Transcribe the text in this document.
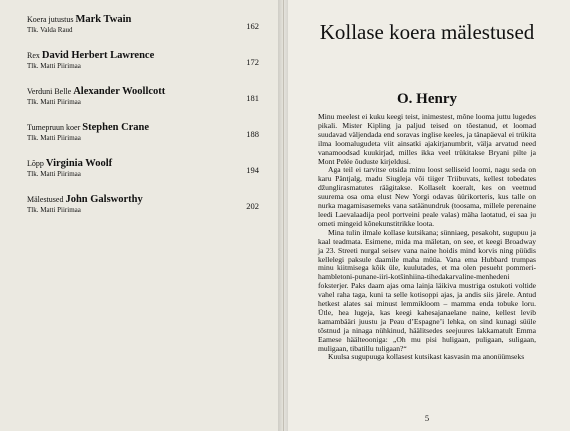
Koera jutustus Mark Twain
Tlk. Valda Raud	162
Rex David Herbert Lawrence
Tlk. Matti Piirimaa	172
Verduni Belle Alexander Woollcott
Tlk. Matti Piirimaa	181
Tumepruun koer Stephen Crane
Tlk. Matti Piirimaa	188
Lõpp Virginia Woolf
Tlk. Matti Piirimaa	194
Mälestused John Galsworthy
Tlk. Matti Piirimaa	202
Kollase koera mälestused
O. Henry

Minu meelest ei kuku keegi teist, inimestest, mõne looma juttu lugedes pikali. Mister Kipling ja paljud teised on tõestanud, et loomad suudavad väljendada end soravas inglise keeles, ja tänapäeval ei trükita ilma loomalugudeta viit ainsatki ajakirjanumbrit, välja arvatud need vanamoodsad kuukirjad, milles ikka veel trükitakse Bryani pilte ja Mont Pelée õuduste kirjeldusi.

Aga teil ei tarvitse otsida minu loost selliseid loomi, nagu seda on karu Päntjalg, madu Siugleja või tiiger Triibuvats, kellest tobedates džunglirasmatutes räägitakse. Kollaselt koeralt, kes on veetnud suurema osa oma elust New Yorgi odavas üürikorteris, kus talle on nurka magamisasemeks vana satäänundruk (toosama, millele perenaine leedi Laevalaadija peol portveini peale valas) mäha laotatud, ei saa ju ometi mingeid kõnekunstitrikke loota.

Mina tulin ilmale kollase kutsikana; sünniaeg, pesakoht, sugupuu ja kaal teadmata. Esimene, mida ma mäletan, on see, et keegi Broadway ja 23. Streeti nurgal seisev vana naine hoidis mind korvis ning püüdis kellelegi paksule daamile maha müüa. Vana ema Hubbard trumpas minu kiitmisega kõik üle, kuulutades, et ma olen pesueht pommeri-hambletoni-punane-iiri-kotšinhiina-tihedakarvaline-menhedeni foksterjer. Paks daam ajas oma lainja läikiva mustriga ostukoti voltide vahel raha taga, kuni ta selle kotisoppi ajas, ja andis siis järele. Antud hetkest alates sai minust lemmikloom – mamma enda tobuke loru. Ütle, hea lugeja, kas keegi kahesajanaelane naine, kellest levib kamambääri juustu ja Peau d’Espagne’i lehka, on sind kunagi süüle tõstnud ja ninaga nühkinud, häälitsedes seejuures lakkamatult Emma Eamese häälteooniga: „Oh mu pisi huligaan, puligaan, suligaan, muligaan, tibatillu tuligaan?“

Kuulsa sugupuuga kollasest kutsikast kasvasin ma anonüümseks

5
